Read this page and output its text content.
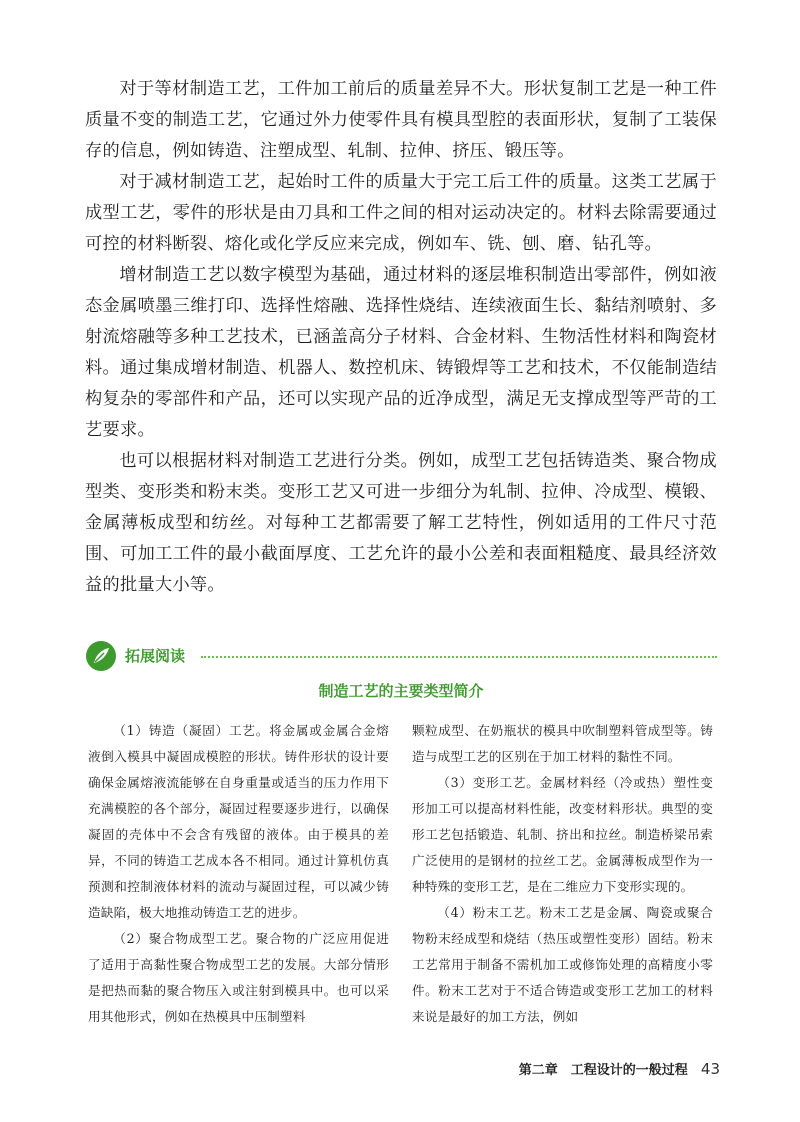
对于等材制造工艺，工件加工前后的质量差异不大。形状复制工艺是一种工件质量不变的制造工艺，它通过外力使零件具有模具型腔的表面形状，复制了工装保存的信息，例如铸造、注塑成型、轧制、拉伸、挤压、锻压等。

对于减材制造工艺，起始时工件的质量大于完工后工件的质量。这类工艺属于成型工艺，零件的形状是由刀具和工件之间的相对运动决定的。材料去除需要通过可控的材料断裂、熔化或化学反应来完成，例如车、铣、刨、磨、钻孔等。

增材制造工艺以数字模型为基础，通过材料的逐层堆积制造出零部件，例如液态金属喷墨三维打印、选择性熔融、选择性烧结、连续液面生长、黏结剂喷射、多射流熔融等多种工艺技术，已涵盖高分子材料、合金材料、生物活性材料和陶瓷材料。通过集成增材制造、机器人、数控机床、铸锻焊等工艺和技术，不仅能制造结构复杂的零部件和产品，还可以实现产品的近净成型，满足无支撑成型等严苛的工艺要求。

也可以根据材料对制造工艺进行分类。例如，成型工艺包括铸造类、聚合物成型类、变形类和粉末类。变形工艺又可进一步细分为轧制、拉伸、冷成型、模锻、金属薄板成型和纺丝。对每种工艺都需要了解工艺特性，例如适用的工件尺寸范围、可加工工件的最小截面厚度、工艺允许的最小公差和表面粗糙度、最具经济效益的批量大小等。

拓展阅读
制造工艺的主要类型简介

（1）铸造（凝固）工艺。将金属或金属合金熔液倒入模具中凝固成模腔的形状。铸件形状的设计要确保金属熔液流能够在自身重量或适当的压力作用下充满模腔的各个部分，凝固过程要逐步进行，以确保凝固的壳体中不会含有残留的液体。由于模具的差异，不同的铸造工艺成本各不相同。通过计算机仿真预测和控制液体材料的流动与凝固过程，可以减少铸造缺陷，极大地推动铸造工艺的进步。

（2）聚合物成型工艺。聚合物的广泛应用促进了适用于高黏性聚合物成型工艺的发展。大部分情形是把热而黏的聚合物压入或注射到模具中。也可以采用其他形式，例如在热模具中压制塑料

颗粒成型、在奶瓶状的模具中吹制塑料管成型等。铸造与成型工艺的区别在于加工材料的黏性不同。

（3）变形工艺。金属材料经（冷或热）塑性变形加工可以提高材料性能，改变材料形状。典型的变形工艺包括锻造、轧制、挤出和拉丝。制造桥梁吊索广泛使用的是钢材的拉丝工艺。金属薄板成型作为一种特殊的变形工艺，是在二维应力下变形实现的。

（4）粉末工艺。粉末工艺是金属、陶瓷或聚合物粉末经成型和烧结（热压或塑性变形）固结。粉末工艺常用于制备不需机加工或修饰处理的高精度小零件。粉末工艺对于不适合铸造或变形工艺加工的材料来说是最好的加工方法，例如

第二章　工程设计的一般过程 43
